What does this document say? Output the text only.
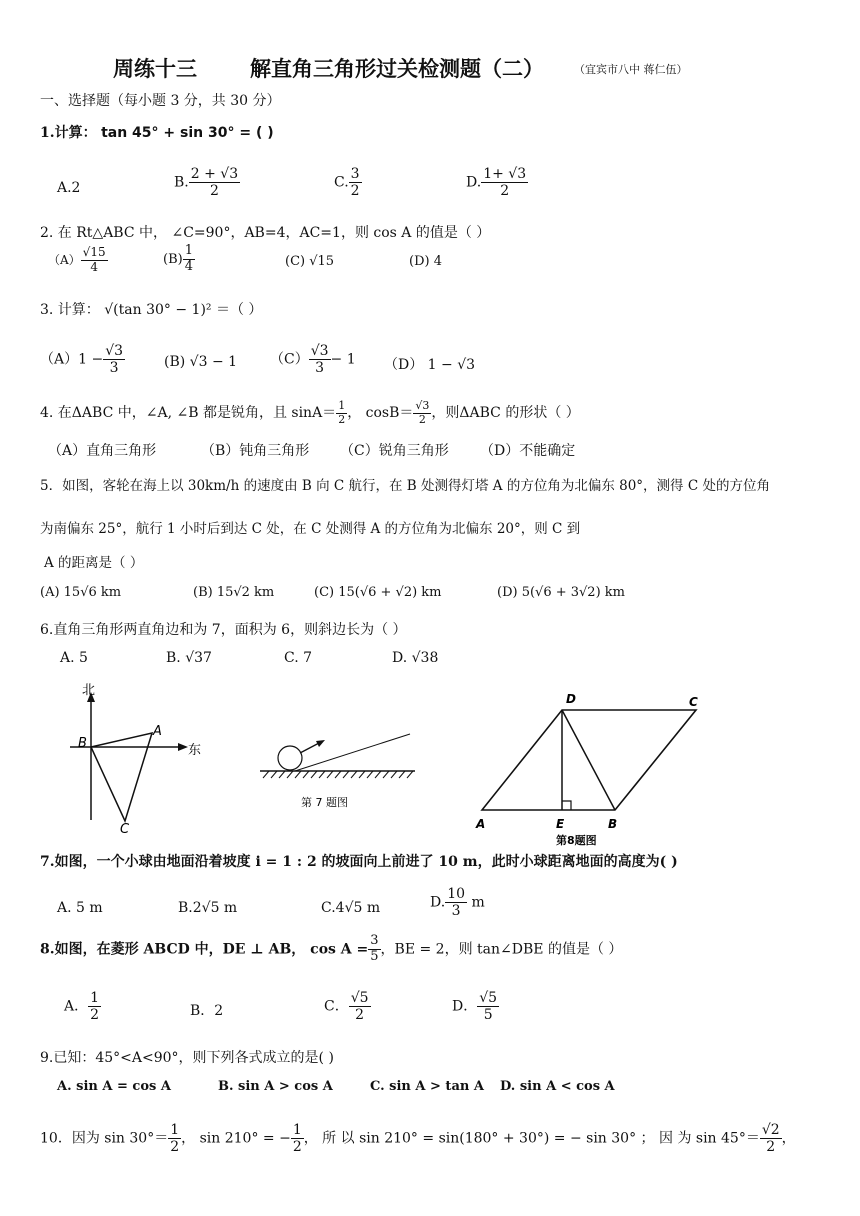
周练十三	解直角三角形过关检测题（二）	（宜宾市八中 蒋仁伍）
一、选择题（每小题 3 分，共 30 分）
1.计算： tan 45° + sin 30° = ( )
A.2	B. $\frac{2 + √3}{2}$	C. $\frac{3}{2}$	D. $\frac{1+ √3}{2}$
2. 在 Rt△ABC 中， ∠C=90°，AB=4，AC=1，则 cos A 的值是（ ）
$(A) \frac{√15}{4}$	$(B) \frac{1}{4}$	(C) √15	(D) 4
3. 计算： √(tan 30° − 1)² ＝（ ）
$(A)1 - \frac{√3}{3}$	(B) √3 − 1 $(C) \frac{√3}{3} - 1$ （D） 1 − √3
4. 在ΔABC 中，∠A, ∠B 都是锐角，且 $\sin A= \frac{1}{2}$ ， $\cos B= \frac{√3}{2}$ ，则ΔABC 的形状（ ）
（A）直角三角形	（B）钝角三角形 （C）锐角三角形 （D）不能确定
5．如图，客轮在海上以 30km/h 的速度由 B 向 C 航行，在 B 处测得灯塔 A 的方位角为北偏东 80°，测得 C 处的方位角
为南偏东 25°，航行 1 小时后到达 C 处，在 C 处测得 A 的方位角为北偏东 20°，则 C 到
A 的距离是（ ）
(A) 15√6 km	(B) 15√2 km	(C) 15(√6 + √2) km	(D) 5(√6 + 3√2) km
6.直角三角形两直角边和为 7，面积为 6，则斜边长为（ ）
A. 5	B. √37	C. 7	D. √38
北
东
B
A
C
第 7 题图
A	B
C
D
E
第8题图
7.如图，一个小球由地面沿着坡度 i = 1 : 2 的坡面向上前进了 10 m，此时小球距离地面的高度为( )
A. 5 m	B.2√5 m	C.4√5 m	D. $\frac{10}{3}$ m
8.如图，在菱形 ABCD 中，DE ⊥ AB， $\cos A = \frac{3}{5}$ ，BE = 2，则 tan∠DBE 的值是（ ）
A． $\frac{1}{2}$	B．2	C． $\frac{√5}{2}$	D． $\frac{√5}{5}$
9.已知：45°<A<90°，则下列各式成立的是( )
A. sin A = cos A	B. sin A > cos A	C. sin A > tan A D. sin A < cos A
10．因为 $\sin 30^\circ= \frac{1}{2}$ ， sin 210° = − $\frac{1}{2}$ ， 所 以 sin 210° = sin(180° + 30°) = − sin 30° ； 因 为 $\sin 45^\circ= \frac{√2}{2}$ ，
